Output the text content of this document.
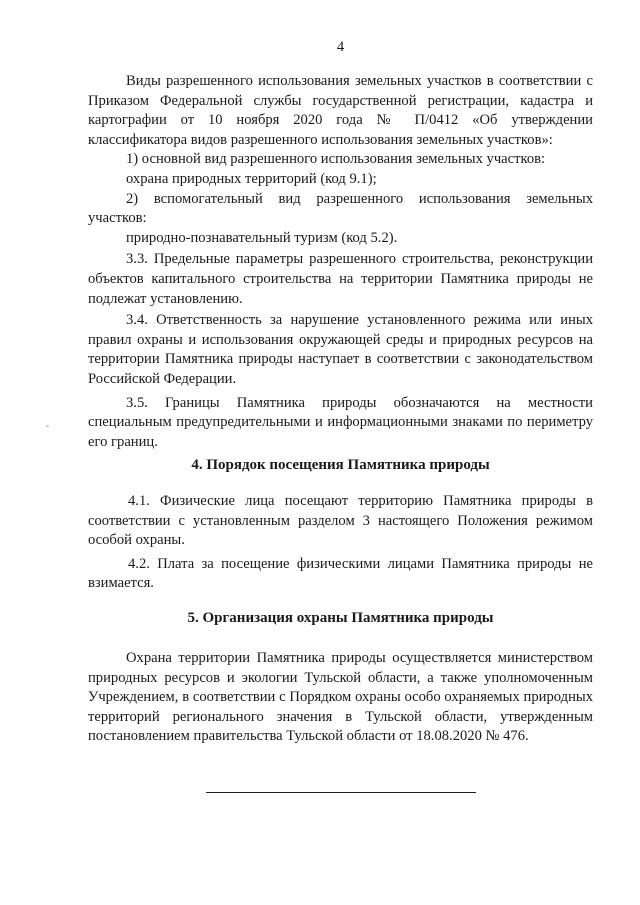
4

Виды разрешенного использования земельных участков в соответствии с Приказом Федеральной службы государственной регистрации, кадастра и картографии от 10 ноября 2020 года № П/0412 «Об утверждении классификатора видов разрешенного использования земельных участков»:

1) основной вид разрешенного использования земельных участков:

охрана природных территорий (код 9.1);

2) вспомогательный вид разрешенного использования земельных участков:

природно-познавательный туризм (код 5.2).

3.3. Предельные параметры разрешенного строительства, реконструкции объектов капитального строительства на территории Памятника природы не подлежат установлению.

3.4. Ответственность за нарушение установленного режима или иных правил охраны и использования окружающей среды и природных ресурсов на территории Памятника природы наступает в соответствии с законодательством Российской Федерации.

3.5. Границы Памятника природы обозначаются на местности специальным предупредительными и информационными знаками по периметру его границ.

4. Порядок посещения Памятника природы

4.1. Физические лица посещают территорию Памятника природы в соответствии с установленным разделом 3 настоящего Положения режимом особой охраны.

4.2. Плата за посещение физическими лицами Памятника природы не взимается.

5. Организация охраны Памятника природы

Охрана территории Памятника природы осуществляется министерством природных ресурсов и экологии Тульской области, а также уполномоченным Учреждением, в соответствии с Порядком охраны особо охраняемых природных территорий регионального значения в Тульской области, утвержденным постановлением правительства Тульской области от 18.08.2020 № 476.

˜
